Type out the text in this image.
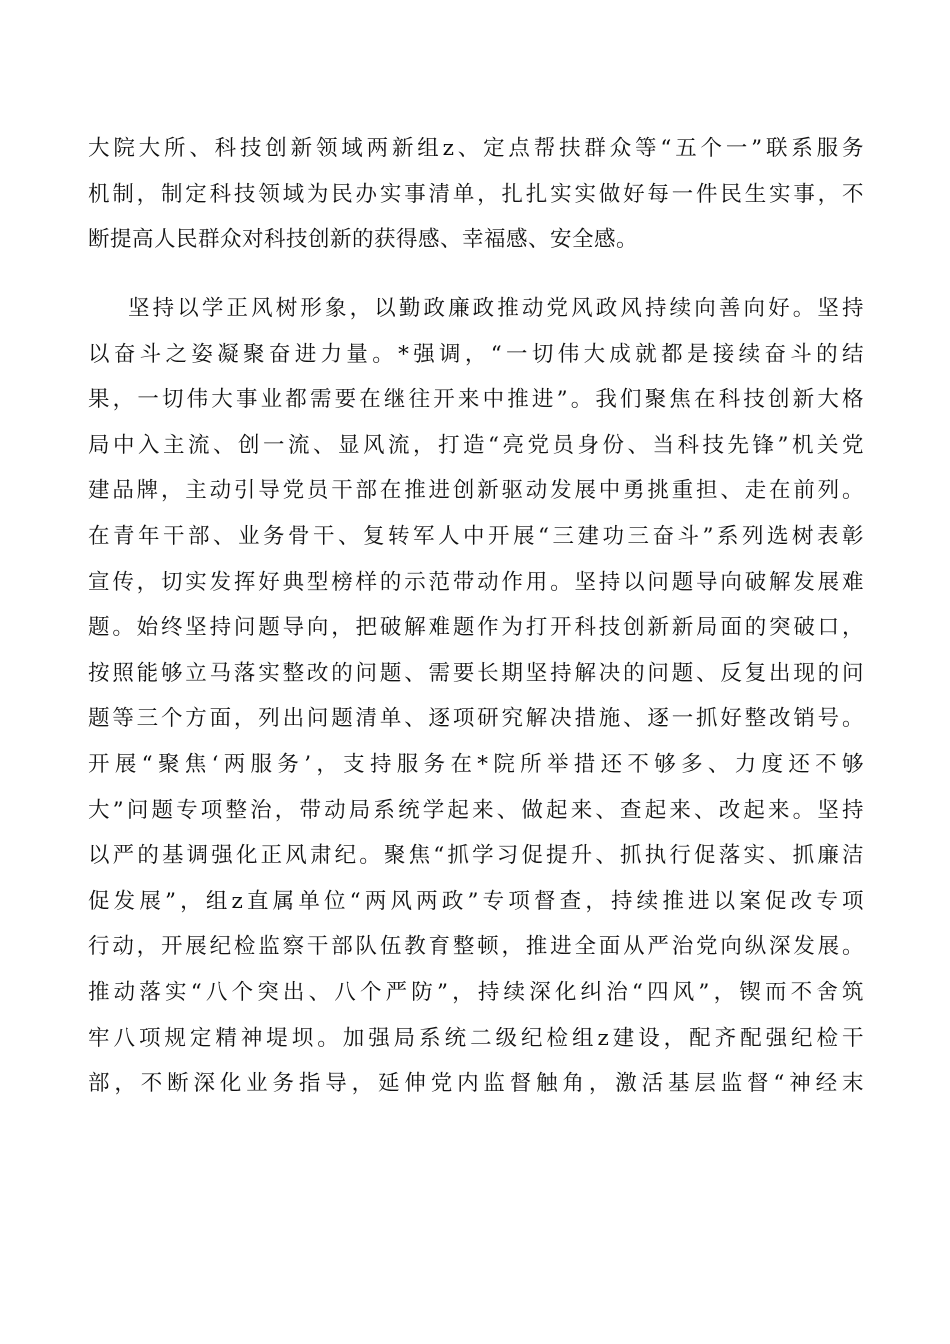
大院大所、科技创新领域两新组z、定点帮扶群众等“五个一”联系服务
机制，制定科技领域为民办实事清单，扎扎实实做好每一件民生实事，不
断提高人民群众对科技创新的获得感、幸福感、安全感。
坚持以学正风树形象，以勤政廉政推动党风政风持续向善向好。坚持
以奋斗之姿凝聚奋进力量。*强调，“一切伟大成就都是接续奋斗的结
果，一切伟大事业都需要在继往开来中推进”。我们聚焦在科技创新大格
局中入主流、创一流、显风流，打造“亮党员身份、当科技先锋”机关党
建品牌，主动引导党员干部在推进创新驱动发展中勇挑重担、走在前列。
在青年干部、业务骨干、复转军人中开展“三建功三奋斗”系列选树表彰
宣传，切实发挥好典型榜样的示范带动作用。坚持以问题导向破解发展难
题。始终坚持问题导向，把破解难题作为打开科技创新新局面的突破口，
按照能够立马落实整改的问题、需要长期坚持解决的问题、反复出现的问
题等三个方面，列出问题清单、逐项研究解决措施、逐一抓好整改销号。
开展“聚焦‘两服务’，支持服务在*院所举措还不够多、力度还不够
大”问题专项整治，带动局系统学起来、做起来、查起来、改起来。坚持
以严的基调强化正风肃纪。聚焦“抓学习促提升、抓执行促落实、抓廉洁
促发展”，组z直属单位“两风两政”专项督查，持续推进以案促改专项
行动，开展纪检监察干部队伍教育整顿，推进全面从严治党向纵深发展。
推动落实“八个突出、八个严防”，持续深化纠治“四风”，锲而不舍筑
牢八项规定精神堤坝。加强局系统二级纪检组z建设，配齐配强纪检干
部，不断深化业务指导，延伸党内监督触角，激活基层监督“神经末
